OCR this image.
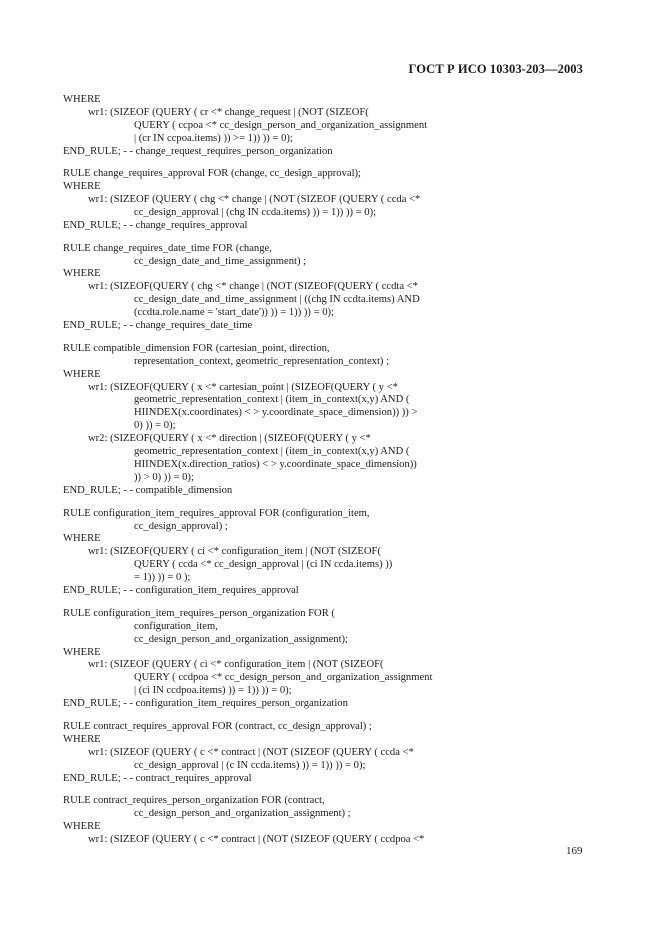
ГОСТ Р ИСО 10303-203—2003
WHERE
wr1: (SIZEOF (QUERY ( cr <* change_request | (NOT (SIZEOF(
QUERY ( ccpoa <* cc_design_person_and_organization_assignment
| (cr IN ccpoa.items) )) >= 1)) )) = 0);
END_RULE; - - change_request_requires_person_organization
RULE change_requires_approval FOR (change, cc_design_approval);
WHERE
wr1: (SIZEOF (QUERY ( chg <* change | (NOT (SIZEOF (QUERY ( ccda <*
cc_design_approval | (chg IN ccda.items) )) = 1)) )) = 0);
END_RULE; - - change_requires_approval
RULE change_requires_date_time FOR (change,
cc_design_date_and_time_assignment) ;
WHERE
wr1: (SIZEOF(QUERY ( chg <* change | (NOT (SIZEOF(QUERY ( ccdta <*
cc_design_date_and_time_assignment | ((chg IN ccdta.items) AND
(ccdta.role.name = 'start_date')) )) = 1)) )) = 0);
END_RULE; - - change_requires_date_time
RULE compatible_dimension FOR (cartesian_point, direction,
representation_context, geometric_representation_context) ;
WHERE
wr1: (SIZEOF(QUERY ( x <* cartesian_point | (SIZEOF(QUERY ( y <*
geometric_representation_context | (item_in_context(x,y) AND (
HIINDEX(x.coordinates) < > y.coordinate_space_dimension)) )) >
0) )) = 0);
wr2: (SIZEOF(QUERY ( x <* direction | (SIZEOF(QUERY ( y <*
geometric_representation_context | (item_in_context(x,y) AND (
HIINDEX(x.direction_ratios) < > y.coordinate_space_dimension))
)) > 0) )) = 0);
END_RULE; - - compatible_dimension
RULE configuration_item_requires_approval FOR (configuration_item,
cc_design_approval) ;
WHERE
wr1: (SIZEOF(QUERY ( ci <* configuration_item | (NOT (SIZEOF(
QUERY ( ccda <* cc_design_approval | (ci IN ccda.items) ))
= 1)) )) = 0 );
END_RULE; - - configuration_item_requires_approval
RULE configuration_item_requires_person_organization FOR (
configuration_item,
cc_design_person_and_organization_assignment);
WHERE
wr1: (SIZEOF (QUERY ( ci <* configuration_item | (NOT (SIZEOF(
QUERY ( ccdpoa <* cc_design_person_and_organization_assignment
| (ci IN ccdpoa.items) )) = 1)) )) = 0);
END_RULE; - - configuration_item_requires_person_organization
RULE contract_requires_approval FOR (contract, cc_design_approval) ;
WHERE
wr1: (SIZEOF (QUERY ( c <* contract | (NOT (SIZEOF (QUERY ( ccda <*
cc_design_approval | (c IN ccda.items) )) = 1)) )) = 0);
END_RULE; - - contract_requires_approval
RULE contract_requires_person_organization FOR (contract,
cc_design_person_and_organization_assignment) ;
WHERE
wr1: (SIZEOF (QUERY ( c <* contract | (NOT (SIZEOF (QUERY ( ccdpoa <*
169
